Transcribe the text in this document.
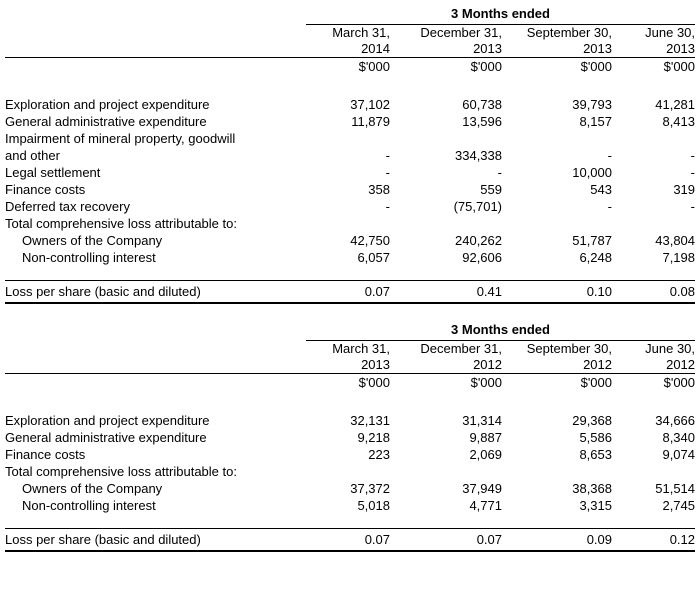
	3 Months ended			

	March 31,	December 31,	September 30,	June 30,
	2014	2013	2013	2013
	$'000	$'000	$'000	$'000

Exploration and project expenditure	37,102	60,738	39,793	41,281
General administrative expenditure	11,879	13,596	8,157	8,413

Impairment of mineral property, goodwill
and other	-	334,338	-	-
Legal settlement	-	-	10,000	-
Finance costs	358	559	543	319
Deferred tax recovery	-	(75,701)	-	-
Total comprehensive loss attributable to:				
Owners of the Company	42,750	240,262	51,787	43,804
Non-controlling interest	6,057	92,606	6,248	7,198

Loss per share (basic and diluted)	0.07	0.41	0.10	0.08

	3 Months ended			

	March 31,	December 31,	September 30,	June 30,
	2013	2012	2012	2012
	$'000	$'000	$'000	$'000

Exploration and project expenditure	32,131	31,314	29,368	34,666
General administrative expenditure	9,218	9,887	5,586	8,340
Finance costs	223	2,069	8,653	9,074
Total comprehensive loss attributable to:				
Owners of the Company	37,372	37,949	38,368	51,514
Non-controlling interest	5,018	4,771	3,315	2,745

Loss per share (basic and diluted)	0.07	0.07	0.09	0.12
